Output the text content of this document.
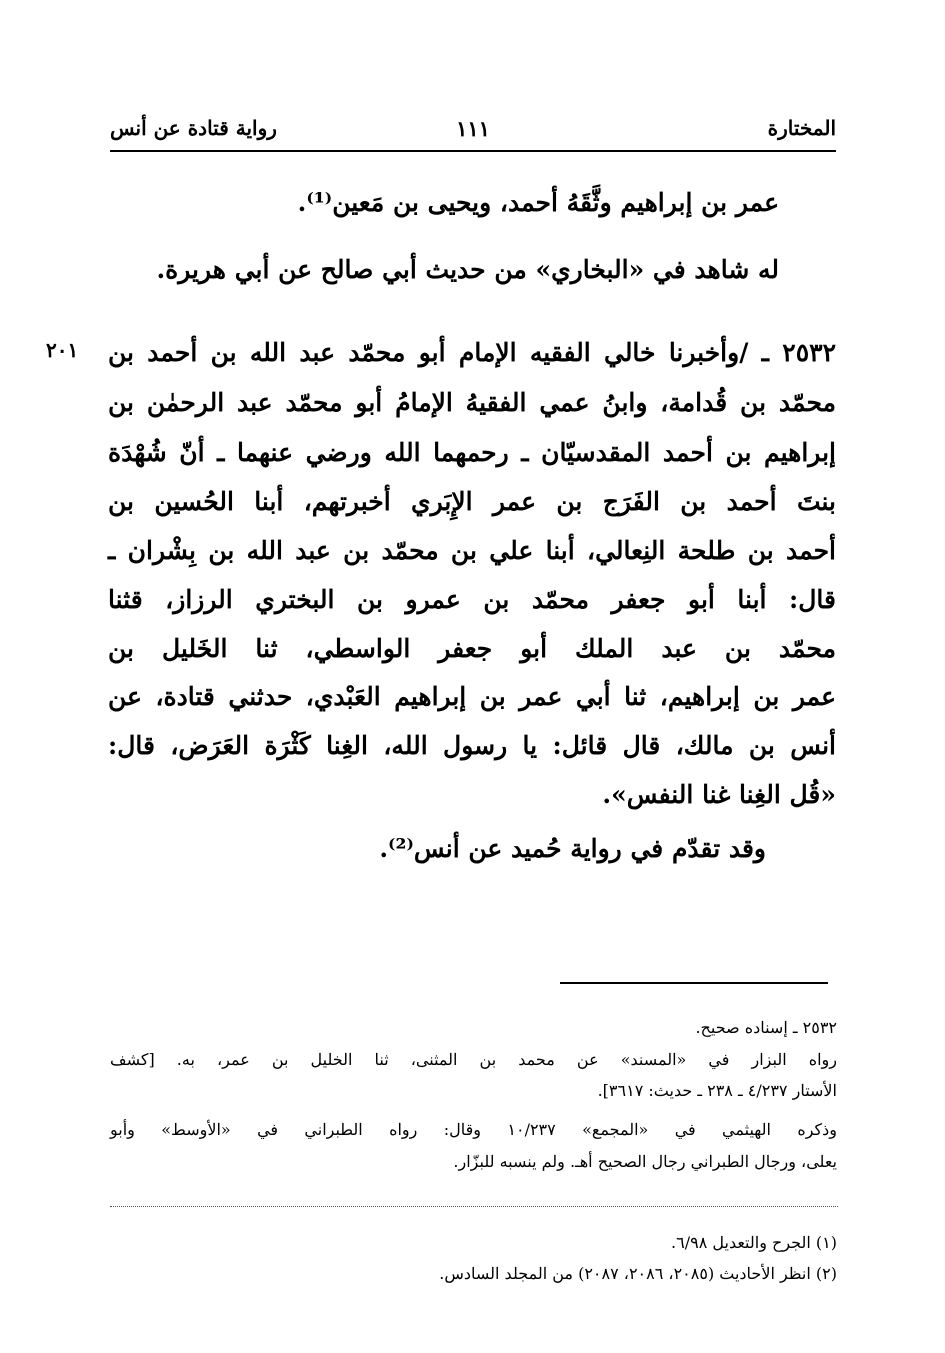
المختارة
١١١
رواية قتادة عن أنس
عمر بن إبراهيم وثَّقَهُ أحمد، ويحيى بن مَعين⁽¹⁾.
له شاهد في «البخاري» من حديث أبي صالح عن أبي هريرة.
٢٠١ ٢٥٣٢ ـ /وأخبرنا خالي الفقيه الإمام أبو محمّد عبد الله بن أحمد بن
محمّد بن قُدامة، وابنُ عمي الفقيهُ الإمامُ أبو محمّد عبد الرحمٰن بن
إبراهيم بن أحمد المقدسيّان ـ رحمهما الله ورضي عنهما ـ أنّ شُهْدَة
بنتَ أحمد بن الفَرَج بن عمر الإِبَري أخبرتهم، أبنا الحُسين بن
أحمد بن طلحة النِعالي، أبنا علي بن محمّد بن عبد الله بن بِشْران ـ
قال: أبنا أبو جعفر محمّد بن عمرو بن البختري الرزاز، قثنا
محمّد بن عبد الملك أبو جعفر الواسطي، ثنا الخَليل بن
عمر بن إبراهيم، ثنا أبي عمر بن إبراهيم العَبْدي، حدثني قتادة، عن
أنس بن مالك، قال قائل: يا رسول الله، الغِنا كَثْرَة العَرَض، قال:
«قُل الغِنا غنا النفس».
وقد تقدّم في رواية حُميد عن أنس⁽²⁾.
٢٥٣٢ ـ إسناده صحيح.
رواه البزار في «المسند» عن محمد بن المثنى، ثنا الخليل بن عمر، به. [كشف
الأستار ٤/٢٣٧ ـ ٢٣٨ ـ حديث: ٣٦١٧].
وذكره الهيثمي في «المجمع» ١٠/٢٣٧ وقال: رواه الطبراني في «الأوسط» وأبو
يعلى، ورجال الطبراني رجال الصحيح أهـ. ولم ينسبه للبزّار.
(١) الجرح والتعديل ٦/٩٨.
(٢) انظر الأحاديث (٢٠٨٥، ٢٠٨٦، ٢٠٨٧) من المجلد السادس.
